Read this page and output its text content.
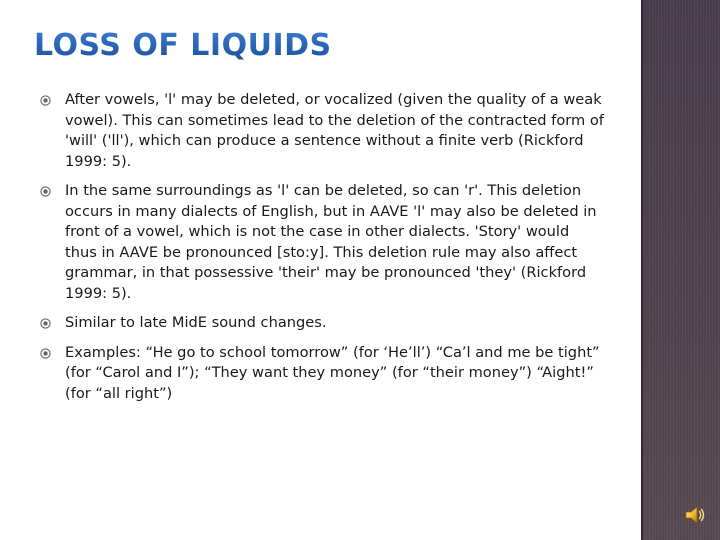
LOSS OF LIQUIDS
After vowels, 'l' may be deleted, or vocalized (given the quality of a weak vowel). This can sometimes lead to the deletion of the contracted form of 'will' ('ll'), which can produce a sentence without a finite verb (Rickford 1999: 5).
In the same surroundings as 'l' can be deleted, so can 'r'. This deletion occurs in many dialects of English, but in AAVE 'l' may also be deleted in front of a vowel, which is not the case in other dialects. 'Story' would thus in AAVE be pronounced [sto:y]. This deletion rule may also affect grammar, in that possessive 'their' may be pronounced 'they' (Rickford 1999: 5).
Similar to late MidE sound changes.
Examples: “He go to school tomorrow” (for ‘He’ll’) “Ca’l and me be tight” (for “Carol and I”); “They want they money” (for “their money”) “Aight!” (for “all right”)
